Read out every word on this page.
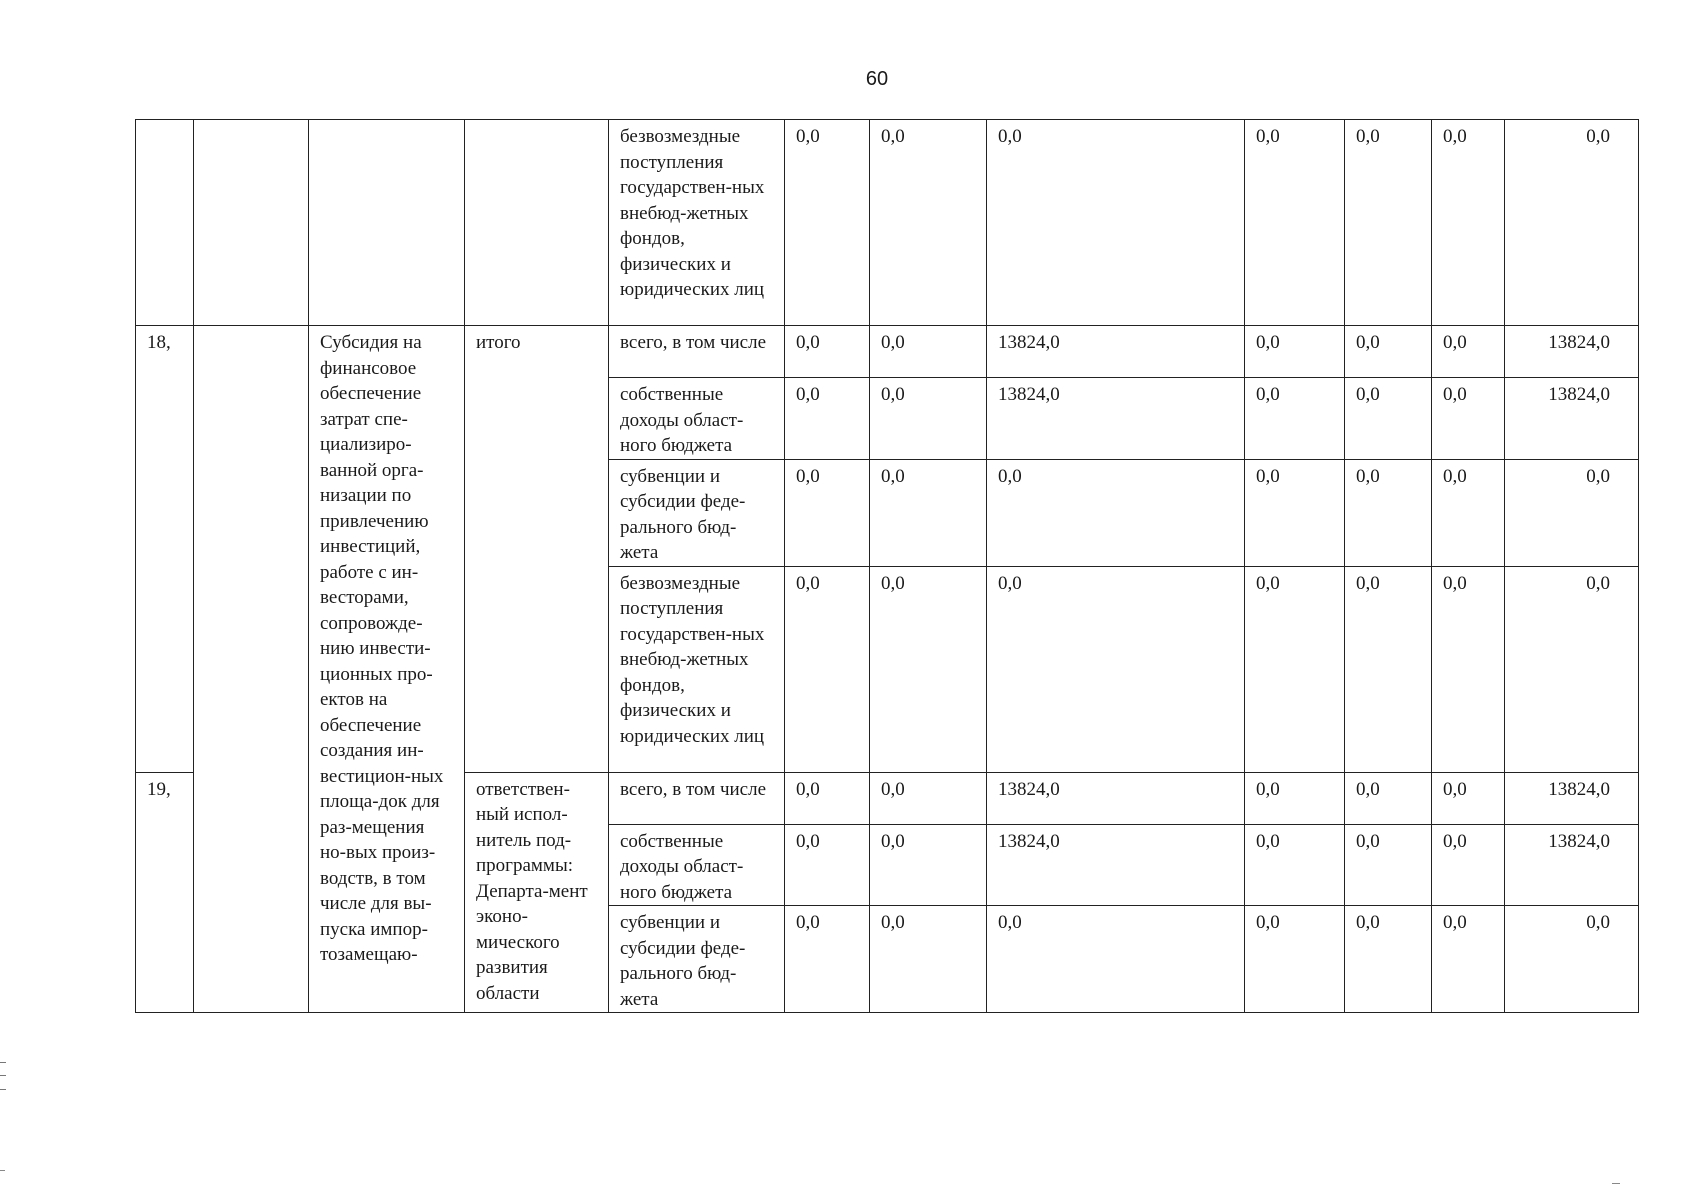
60
				безвозмездные поступления государствен-ных внебюд-жетных фондов, физических и юридических лиц	0,0	0,0	0,0	0,0	0,0	0,0	0,0
18,		Субсидия на финансовое обеспечение затрат спе-циализиро-ванной орга-низации по привлечению инвестиций, работе с ин-весторами, сопровожде-нию инвести-ционных про-ектов на обеспечение создания ин-вестицион-ных площа-док для раз-мещения но-вых произ-водств, в том числе для вы-пуска импор-тозамещаю-	итого	всего, в том числе	0,0	0,0	13824,0	0,0	0,0	0,0	13824,0
				собственные доходы област-ного бюджета	0,0	0,0	13824,0	0,0	0,0	0,0	13824,0
				субвенции и субсидии феде-рального бюд-жета	0,0	0,0	0,0	0,0	0,0	0,0	0,0
				безвозмездные поступления государствен-ных внебюд-жетных фондов, физических и юридических лиц	0,0	0,0	0,0	0,0	0,0	0,0	0,0
19,			ответствен-ный испол-нитель под-программы: Департа-мент эконо-мического развития области	всего, в том числе	0,0	0,0	13824,0	0,0	0,0	0,0	13824,0
				собственные доходы област-ного бюджета	0,0	0,0	13824,0	0,0	0,0	0,0	13824,0
				субвенции и субсидии феде-рального бюд-жета	0,0	0,0	0,0	0,0	0,0	0,0	0,0
